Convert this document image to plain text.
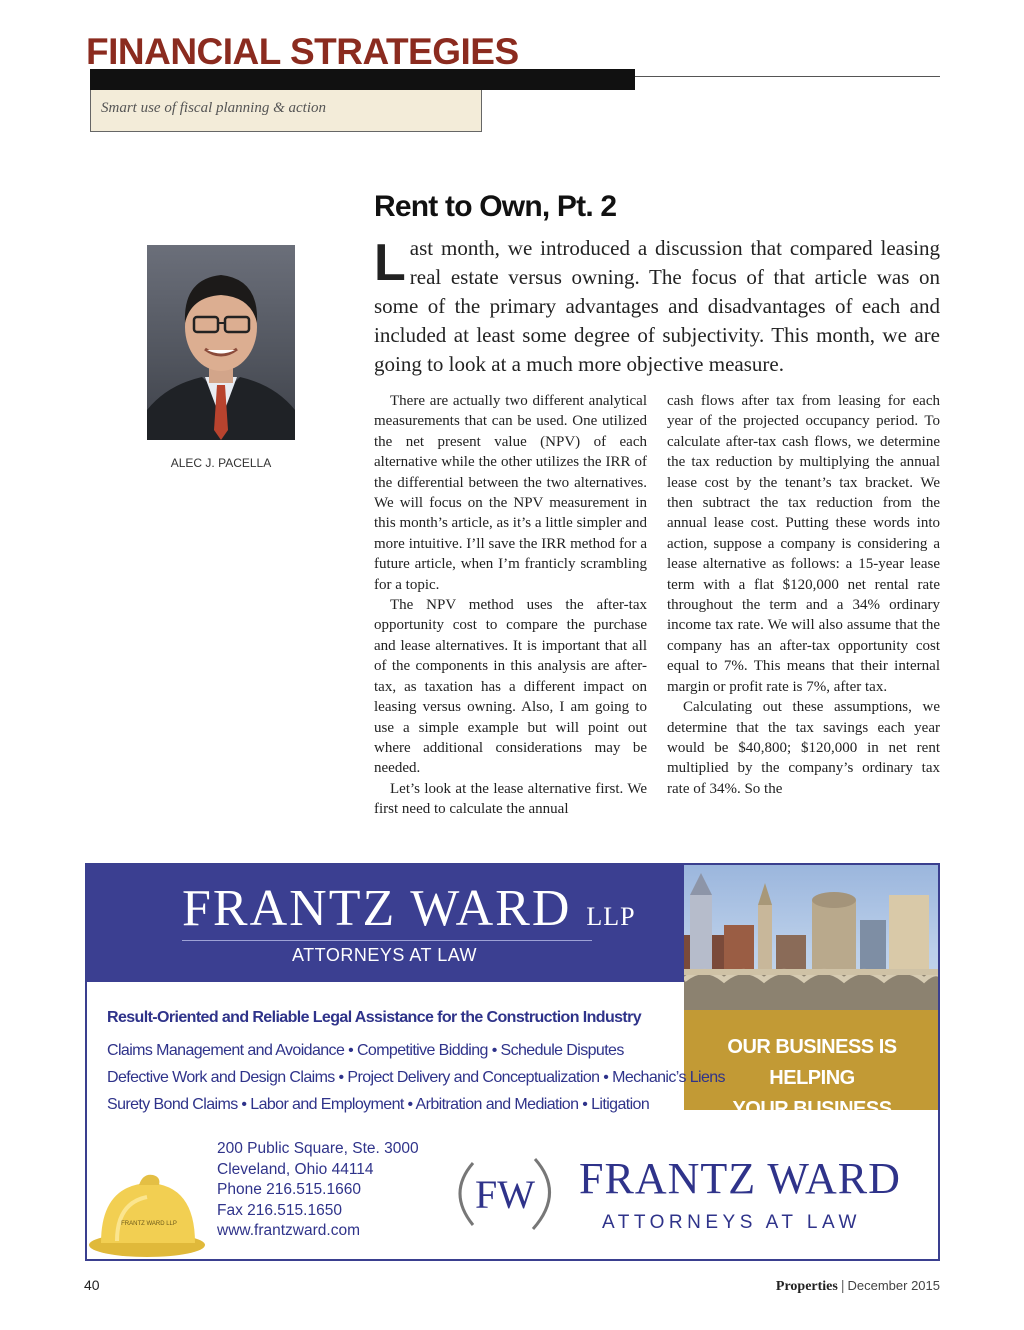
FINANCIAL STRATEGIES
Smart use of fiscal planning & action
ALEC J. PACELLA
Rent to Own, Pt. 2
L ast month, we introduced a discussion that compared leasing real estate versus owning. The focus of that article was on some of the primary advantages and disadvantages of each and included at least some degree of subjectivity. This month, we are going to look at a much more objective measure.

There are actually two different analytical measurements that can be used. One utilized the net present value (NPV) of each alternative while the other utilizes the IRR of the differential between the two alternatives. We will focus on the NPV measurement in this month’s article, as it’s a little simpler and more intuitive. I’ll save the IRR method for a future article, when I’m franticly scrambling for a topic.

The NPV method uses the after-tax opportunity cost to compare the purchase and lease alternatives. It is important that all of the components in this analysis are after-tax, as taxation has a different impact on leasing versus owning. Also, I am going to use a simple example but will point out where additional considerations may be needed.

Let’s look at the lease alternative first. We first need to calculate the annual

cash flows after tax from leasing for each year of the projected occupancy period. To calculate after-tax cash flows, we determine the tax reduction by multiplying the annual lease cost by the tenant’s tax bracket. We then subtract the tax reduction from the annual lease cost. Putting these words into action, suppose a company is considering a lease alternative as follows: a 15-year lease term with a flat $120,000 net rental rate throughout the term and a 34% ordinary income tax rate. We will also assume that the company has an after-tax opportunity cost equal to 7%. This means that their internal margin or profit rate is 7%, after tax.

Calculating out these assumptions, we determine that the tax savings each year would be $40,800; $120,000 in net rent multiplied by the company’s ordinary tax rate of 34%. So the

FRANTZ WARD LLP
ATTORNEYS AT LAW
OUR BUSINESS IS HELPING
YOUR BUSINESS SUCCEED.
Result-Oriented and Reliable Legal Assistance for the Construction Industry
Claims Management and Avoidance • Competitive Bidding • Schedule Disputes
Defective Work and Design Claims • Project Delivery and Conceptualization • Mechanic’s Liens
Surety Bond Claims • Labor and Employment • Arbitration and Mediation • Litigation
FRANTZ WARD LLP
200 Public Square, Ste. 3000
Cleveland, Ohio 44114
Phone 216.515.1660
Fax 216.515.1650
www.frantzward.com
FW FRANTZ WARD
ATTORNEYS AT LAW
40	Properties | December 2015
